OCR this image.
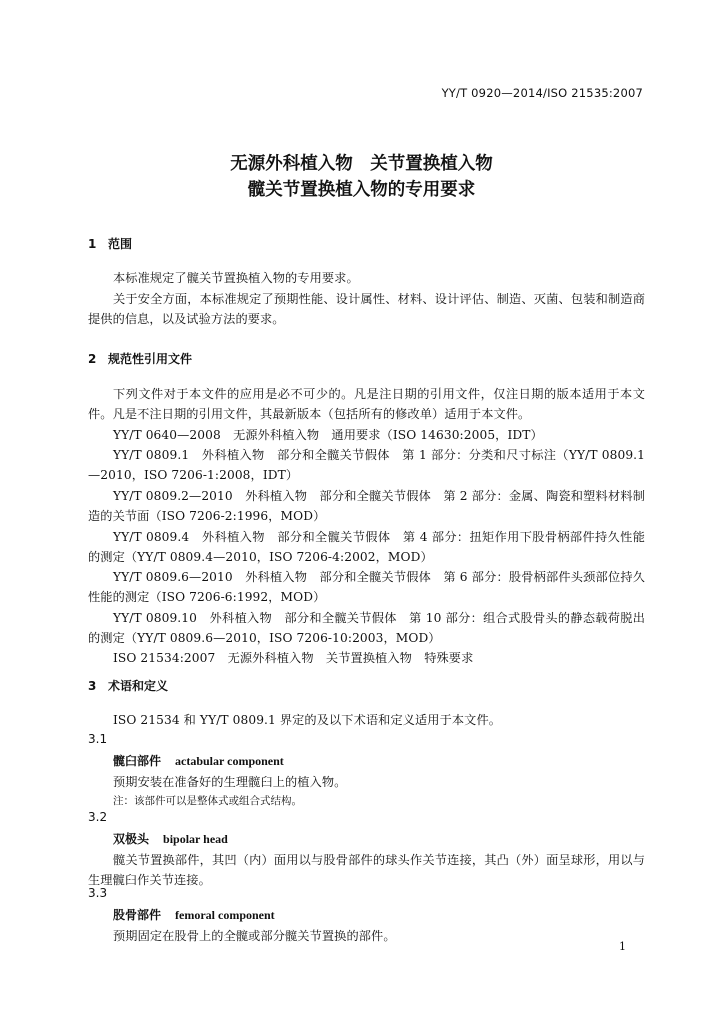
YY/T 0920—2014/ISO 21535:2007
无源外科植入物　关节置换植入物
髋关节置换植入物的专用要求
1 范围
本标准规定了髋关节置换植入物的专用要求。
关于安全方面，本标准规定了预期性能、设计属性、材料、设计评估、制造、灭菌、包装和制造商提供的信息，以及试验方法的要求。
2 规范性引用文件
下列文件对于本文件的应用是必不可少的。凡是注日期的引用文件，仅注日期的版本适用于本文件。凡是不注日期的引用文件，其最新版本（包括所有的修改单）适用于本文件。
YY/T 0640—2008　无源外科植入物　通用要求（ISO 14630:2005，IDT）
YY/T 0809.1　外科植入物　部分和全髋关节假体　第 1 部分：分类和尺寸标注（YY/T 0809.1—2010，ISO 7206-1:2008，IDT）
YY/T 0809.2—2010　外科植入物　部分和全髋关节假体　第 2 部分：金属、陶瓷和塑料材料制造的关节面（ISO 7206-2:1996，MOD）
YY/T 0809.4　外科植入物　部分和全髋关节假体　第 4 部分：扭矩作用下股骨柄部件持久性能的测定（YY/T 0809.4—2010，ISO 7206-4:2002，MOD）
YY/T 0809.6—2010　外科植入物　部分和全髋关节假体　第 6 部分：股骨柄部件头颈部位持久性能的测定（ISO 7206-6:1992，MOD）
YY/T 0809.10　外科植入物　部分和全髋关节假体　第 10 部分：组合式股骨头的静态载荷脱出的测定（YY/T 0809.6—2010，ISO 7206-10:2003，MOD）
ISO 21534:2007　无源外科植入物　关节置换植入物　特殊要求
3 术语和定义
ISO 21534 和 YY/T 0809.1 界定的及以下术语和定义适用于本文件。
3.1
髋臼部件 actabular component
预期安装在准备好的生理髋臼上的植入物。
注：该部件可以是整体式或组合式结构。
3.2
双极头 bipolar head
髋关节置换部件，其凹（内）面用以与股骨部件的球头作关节连接，其凸（外）面呈球形，用以与生理髋臼作关节连接。
3.3
股骨部件 femoral component
预期固定在股骨上的全髋或部分髋关节置换的部件。
1
